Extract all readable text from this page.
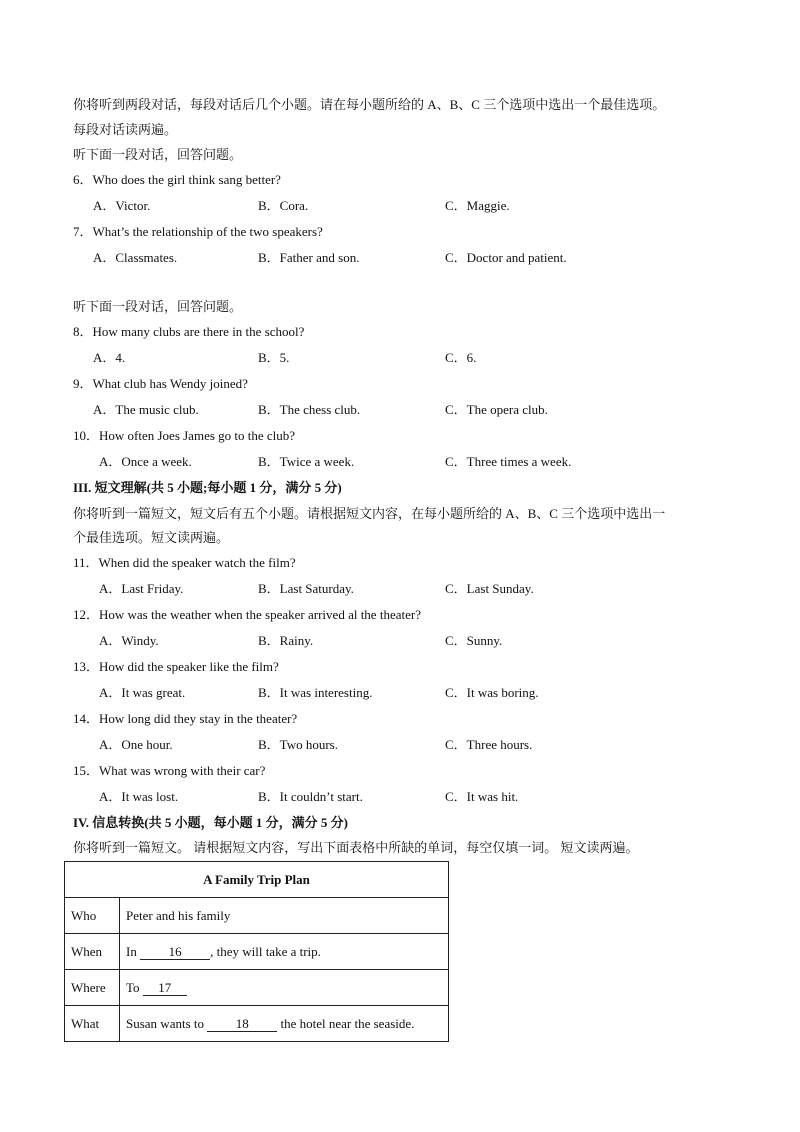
你将听到两段对话，每段对话后几个小题。请在每小题所给的 A、B、C 三个选项中选出一个最佳选项。
每段对话读两遍。
听下面一段对话，回答问题。
6．Who does the girl think sang better?
A．Victor.	B．Cora.	C．Maggie.
7．What’s the relationship of the two speakers?
A．Classmates.	B．Father and son.	C．Doctor and patient.
听下面一段对话，回答问题。
8．How many clubs are there in the school?
A．4.	B．5.	C．6.
9．What club has Wendy joined?
A．The music club.	B．The chess club.	C．The opera club.
10．How often Joes James go to the club?
A．Once a week.	B．Twice a week.	C．Three times a week.
III. 短文理解(共 5 小题;每小题 1 分，满分 5 分)
你将听到一篇短文，短文后有五个小题。请根据短文内容，在每小题所给的 A、B、C 三个选项中选出一
个最佳选项。短文读两遍。
11．When did the speaker watch the film?
A．Last Friday.	B．Last Saturday.	C．Last Sunday.
12．How was the weather when the speaker arrived al the theater?
A．Windy.	B．Rainy.	C．Sunny.
13．How did the speaker like the film?
A．It was great.	B．It was interesting.	C．It was boring.
14．How long did they stay in the theater?
A．One hour.	B．Two hours.	C．Three hours.
15．What was wrong with their car?
A．It was lost.	B．It couldn’t start.	C．It was hit.
IV. 信息转换(共 5 小题，每小题 1 分，满分 5 分)
你将听到一篇短文。 请根据短文内容，写出下面表格中所缺的单词，每空仅填一词。 短文读两遍。
A Family Trip Plan	
Who	Peter and his family
When	In 16 , they will take a trip.
Where	To 17
What	Susan wants to 18 the hotel near the seaside.
